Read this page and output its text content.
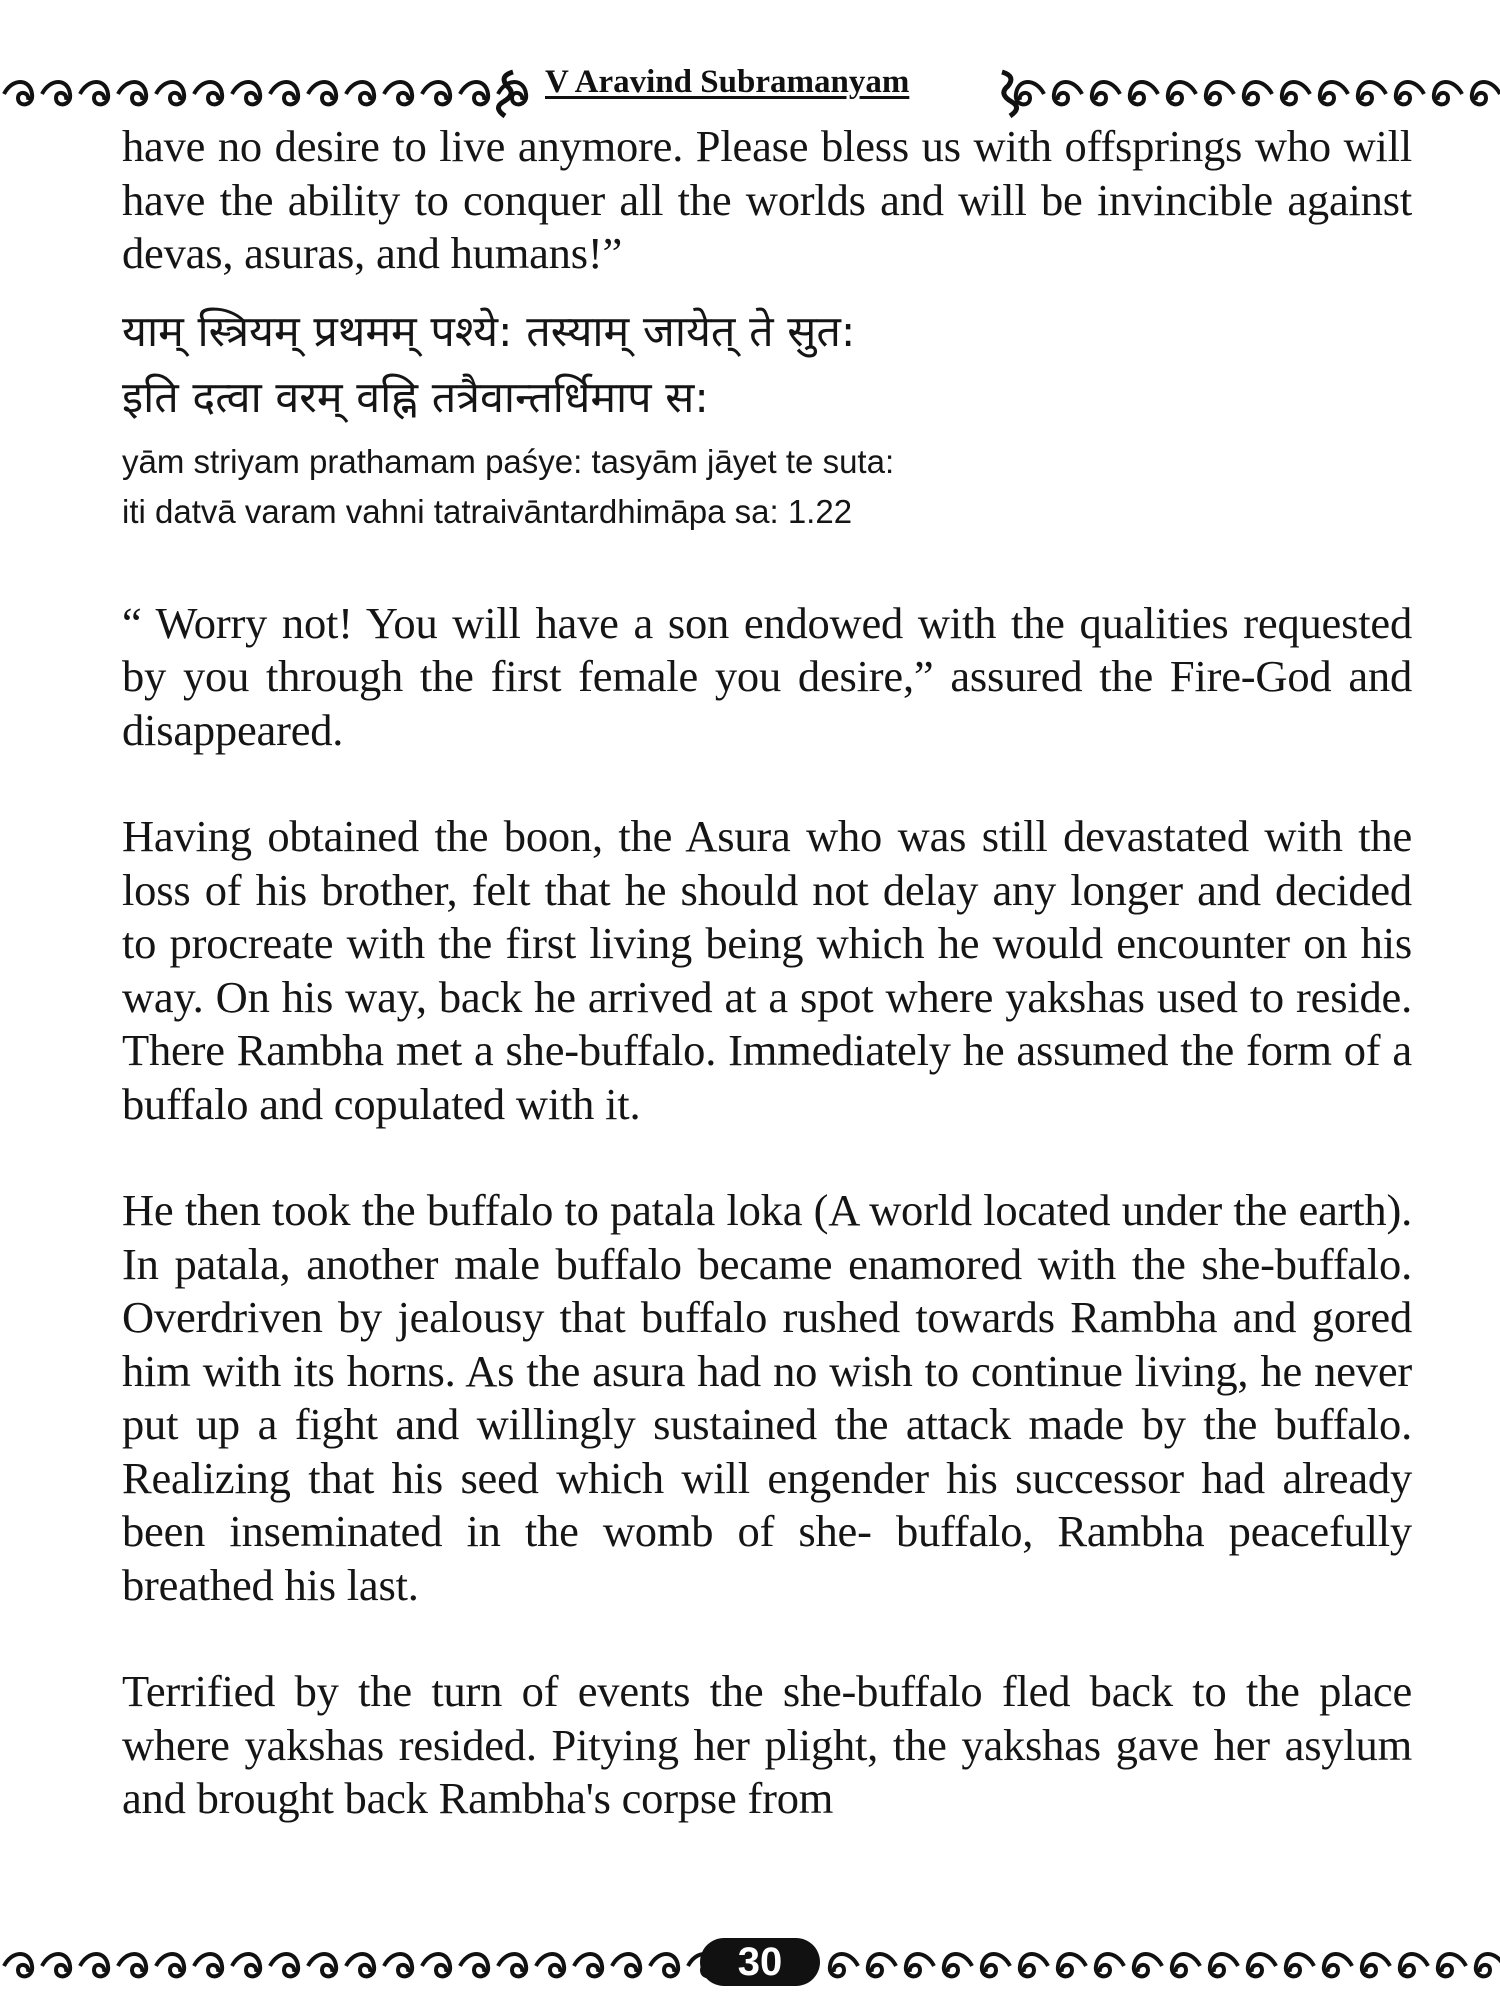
V Aravind Subramanyam

have no desire to live anymore. Please bless us with offsprings who will have the ability to conquer all the worlds and will be invincible against devas, asuras, and humans!”

याम् स्त्रियम् प्रथमम् पश्ये: तस्याम् जायेत् ते सुत:

इति दत्वा वरम् वह्नि तत्रैवान्तर्धिमाप स:

yām striyam prathamam paśye: tasyām jāyet te suta:

iti datvā varam vahni tatraivāntardhimāpa sa: 1.22

“ Worry not! You will have a son endowed with the qualities requested by you through the first female you desire,” assured the Fire-God and disappeared.

Having obtained the boon, the Asura who was still devastated with the loss of his brother, felt that he should not delay any longer and decided to procreate with the first living being which he would encounter on his way. On his way, back he arrived at a spot where yakshas used to reside. There Rambha met a she-buffalo. Immediately he assumed the form of a buffalo and copulated with it.

He then took the buffalo to patala loka (A world located under the earth). In patala, another male buffalo became enamored with the she-buffalo. Overdriven by jealousy that buffalo rushed towards Rambha and gored him with its horns. As the asura had no wish to continue living, he never put up a fight and willingly sustained the attack made by the buffalo. Realizing that his seed which will engender his successor had already been inseminated in the womb of she- buffalo, Rambha peacefully breathed his last.

Terrified by the turn of events the she-buffalo fled back to the place where yakshas resided. Pitying her plight, the yakshas gave her asylum and brought back Rambha's corpse from

30
